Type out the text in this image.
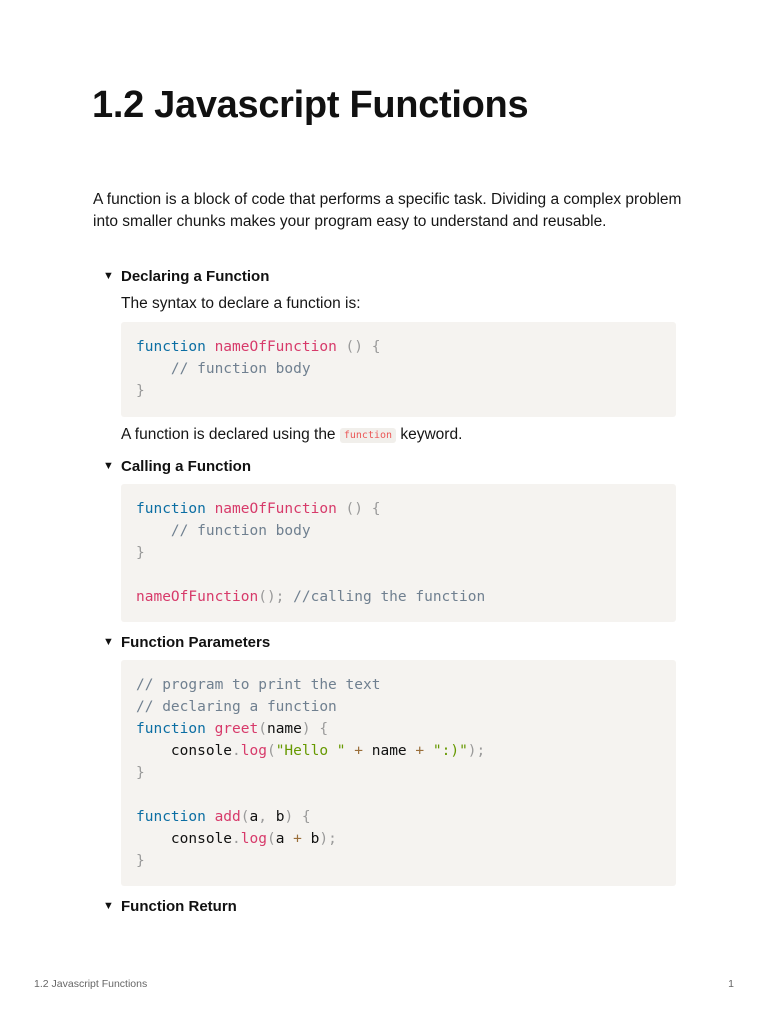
1.2 Javascript Functions

A function is a block of code that performs a specific task. Dividing a complex problem into smaller chunks makes your program easy to understand and reusable.

▼ Declaring a Function

The syntax to declare a function is:

function nameOfFunction () {
// function body
}

A function is declared using the function keyword.

▼ Calling a Function
function nameOfFunction () {
// function body
}
nameOfFunction(); //calling the function
▼ Function Parameters
// program to print the text
// declaring a function
function greet(name) {
console.log("Hello " + name + ":)");
}
function add(a, b) {
console.log(a + b);
}
▼ Function Return
1.2 Javascript Functions	1
